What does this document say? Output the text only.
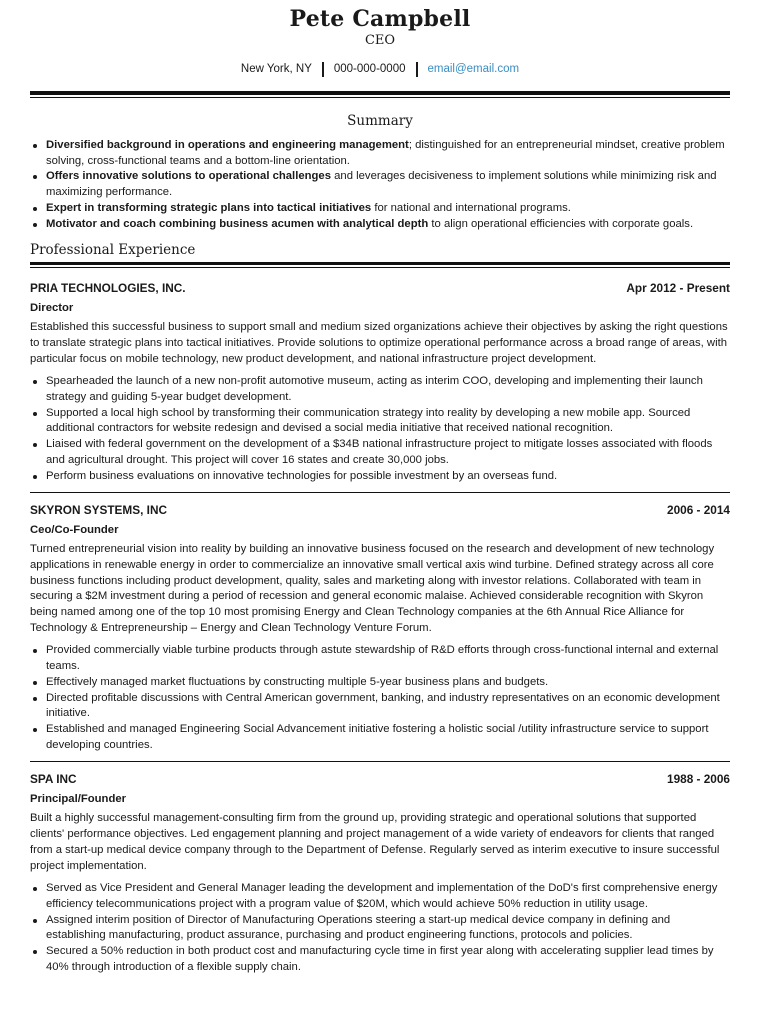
Pete Campbell
CEO
New York, NY 000-000-0000 email@email.com
Summary
Diversified background in operations and engineering management; distinguished for an entrepreneurial mindset, creative problem solving, cross-functional teams and a bottom-line orientation.
Offers innovative solutions to operational challenges and leverages decisiveness to implement solutions while minimizing risk and maximizing performance.
Expert in transforming strategic plans into tactical initiatives for national and international programs.
Motivator and coach combining business acumen with analytical depth to align operational efficiencies with corporate goals.
Professional Experience
PRIA TECHNOLOGIES, INC.	Apr 2012 - Present
Director
Established this successful business to support small and medium sized organizations achieve their objectives by asking the right questions to translate strategic plans into tactical initiatives. Provide solutions to optimize operational performance across a broad range of areas, with particular focus on mobile technology, new product development, and national infrastructure project development.
Spearheaded the launch of a new non-profit automotive museum, acting as interim COO, developing and implementing their launch strategy and guiding 5-year budget development.
Supported a local high school by transforming their communication strategy into reality by developing a new mobile app. Sourced additional contractors for website redesign and devised a social media initiative that received national recognition.
Liaised with federal government on the development of a $34B national infrastructure project to mitigate losses associated with floods and agricultural drought. This project will cover 16 states and create 30,000 jobs.
Perform business evaluations on innovative technologies for possible investment by an overseas fund.
SKYRON SYSTEMS, INC	2006 - 2014
Ceo/Co-Founder
Turned entrepreneurial vision into reality by building an innovative business focused on the research and development of new technology applications in renewable energy in order to commercialize an innovative small vertical axis wind turbine. Defined strategy across all core business functions including product development, quality, sales and marketing along with investor relations. Collaborated with team in securing a $2M investment during a period of recession and general economic malaise. Achieved considerable recognition with Skyron being named among one of the top 10 most promising Energy and Clean Technology companies at the 6th Annual Rice Alliance for Technology & Entrepreneurship – Energy and Clean Technology Venture Forum.
Provided commercially viable turbine products through astute stewardship of R&D efforts through cross-functional internal and external teams.
Effectively managed market fluctuations by constructing multiple 5-year business plans and budgets.
Directed profitable discussions with Central American government, banking, and industry representatives on an economic development initiative.
Established and managed Engineering Social Advancement initiative fostering a holistic social /utility infrastructure service to support developing countries.
SPA INC	1988 - 2006
Principal/Founder
Built a highly successful management-consulting firm from the ground up, providing strategic and operational solutions that supported clients' performance objectives. Led engagement planning and project management of a wide variety of endeavors for clients that ranged from a start-up medical device company through to the Department of Defense. Regularly served as interim executive to insure successful project implementation.
Served as Vice President and General Manager leading the development and implementation of the DoD's first comprehensive energy efficiency telecommunications project with a program value of $20M, which would achieve 50% reduction in utility usage.
Assigned interim position of Director of Manufacturing Operations steering a start-up medical device company in defining and establishing manufacturing, product assurance, purchasing and product engineering functions, protocols and policies.
Secured a 50% reduction in both product cost and manufacturing cycle time in first year along with accelerating supplier lead times by 40% through introduction of a flexible supply chain.
